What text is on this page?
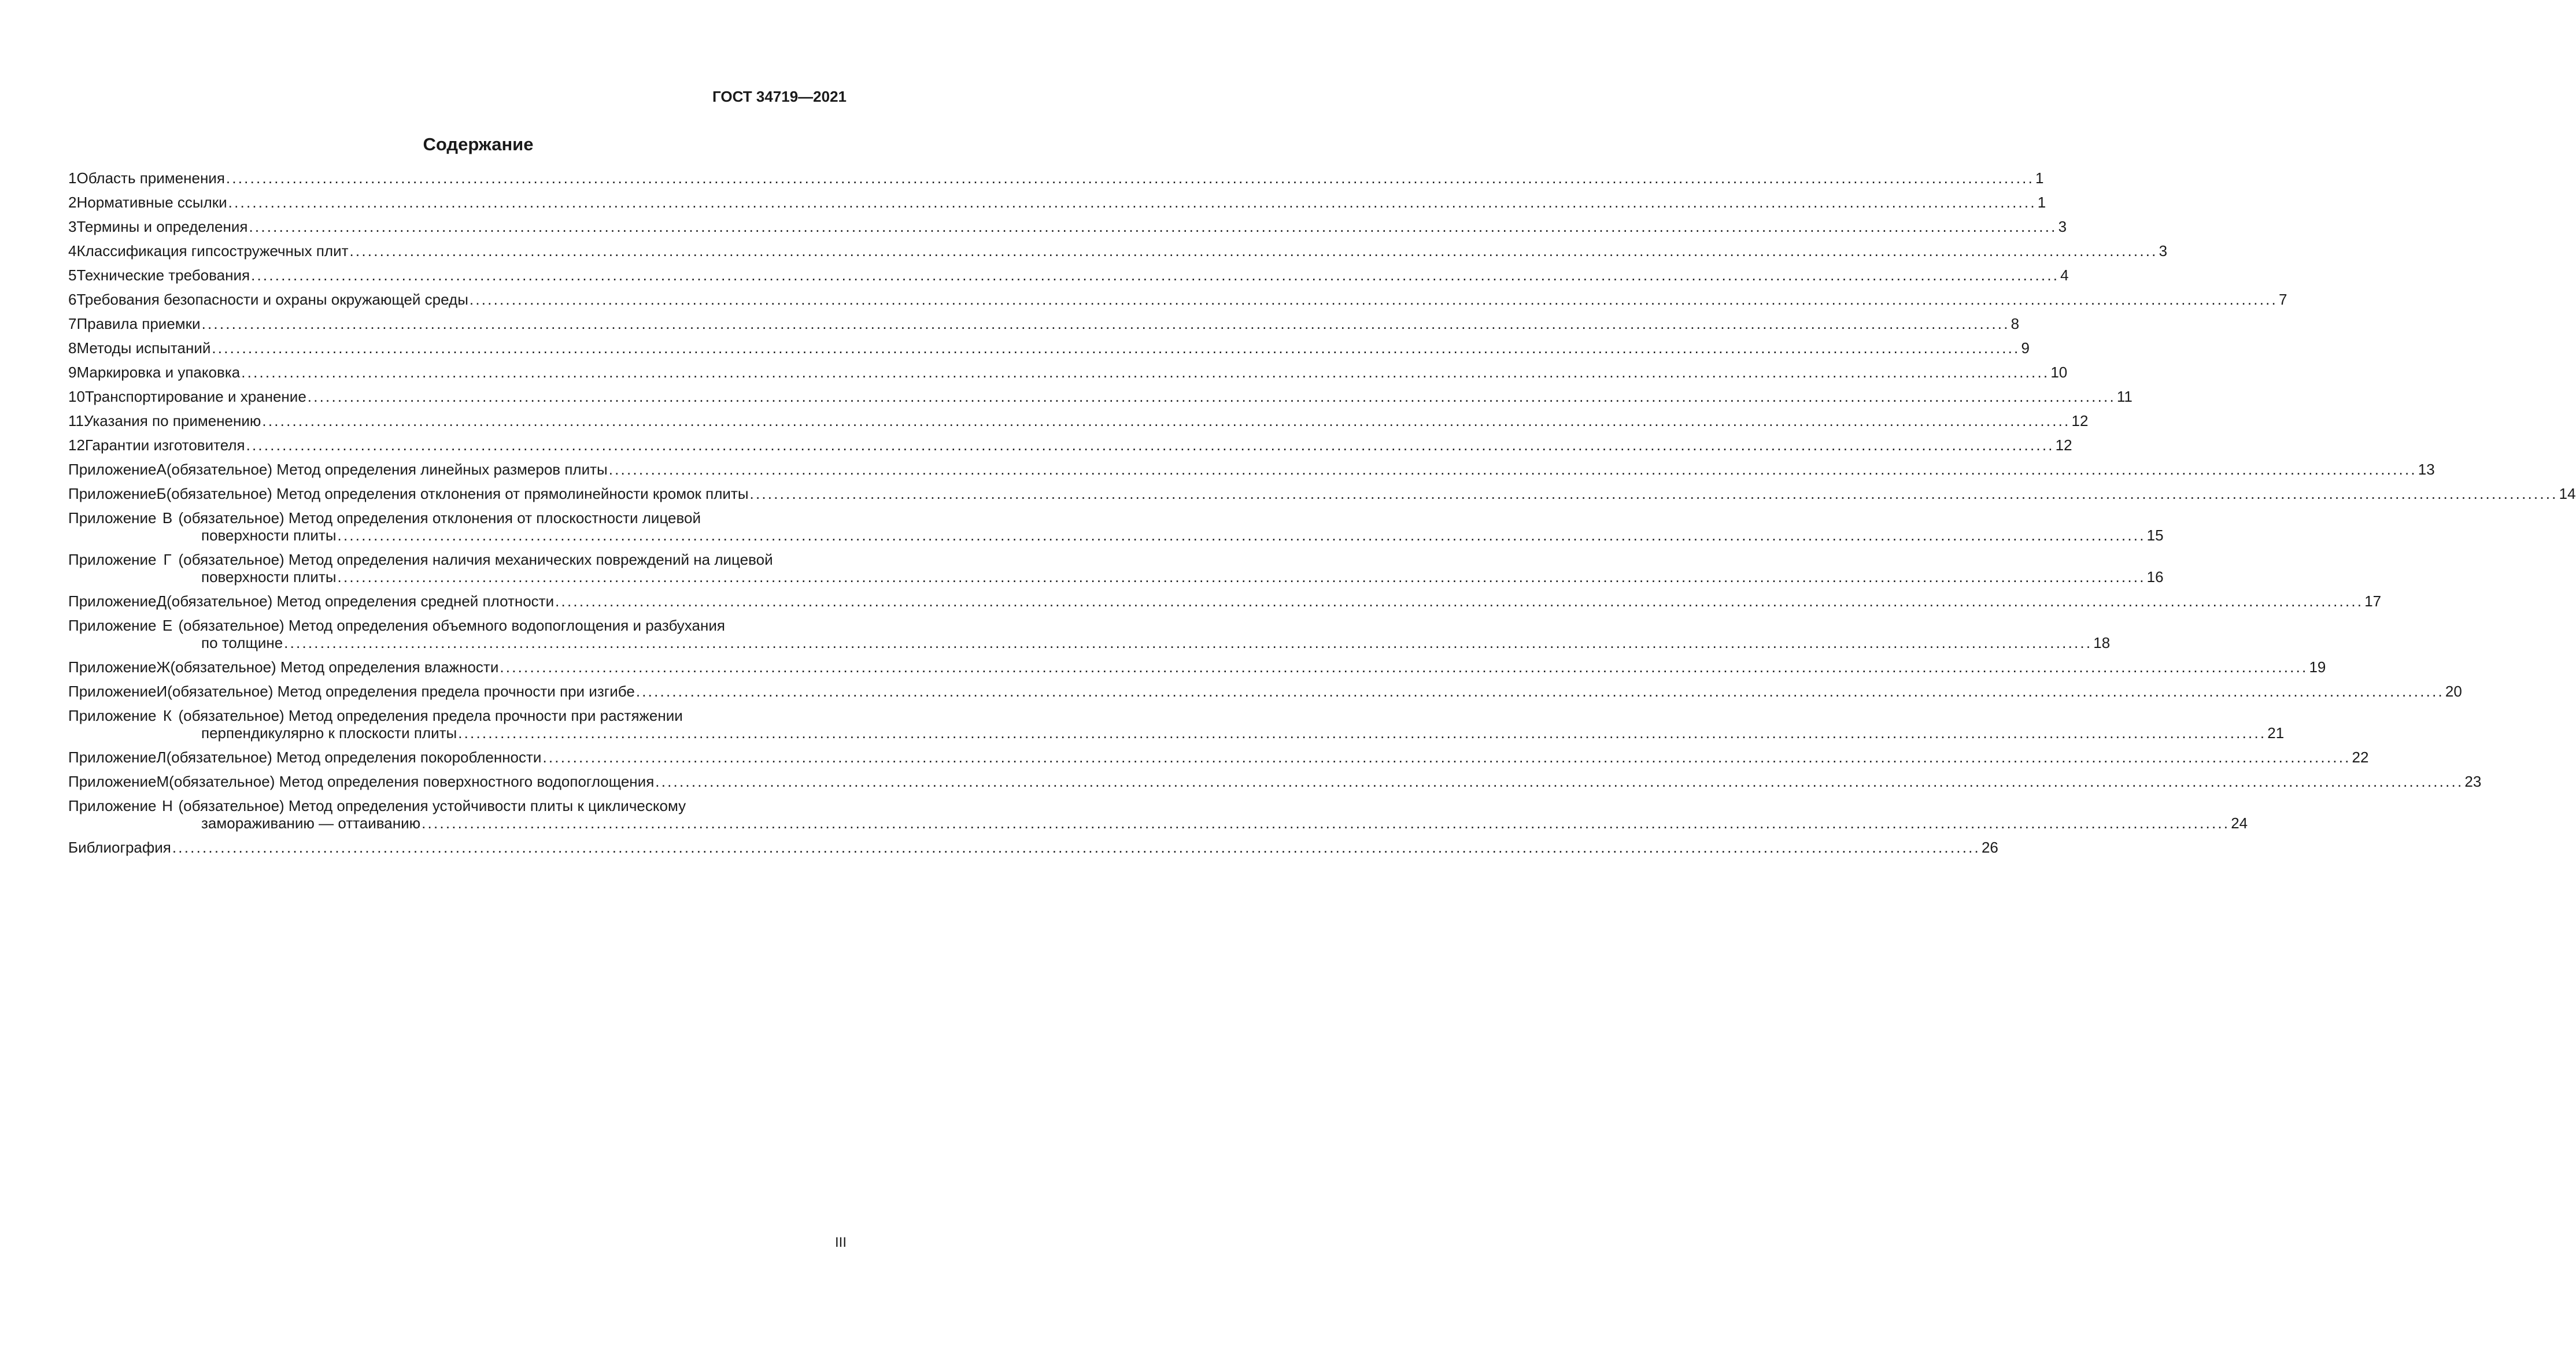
ГОСТ 34719—2021
Содержание
1 Область применения ............................................................................................................................................................................................................................................................................................................ 1
2 Нормативные ссылки ............................................................................................................................................................................................................................................................................................................ 1
3 Термины и определения ............................................................................................................................................................................................................................................................................................................ 3
4 Классификация гипсостружечных плит ............................................................................................................................................................................................................................................................................................................ 3
5 Технические требования ............................................................................................................................................................................................................................................................................................................ 4
6 Требования безопасности и охраны окружающей среды ............................................................................................................................................................................................................................................................................................................ 7
7 Правила приемки ............................................................................................................................................................................................................................................................................................................ 8
8 Методы испытаний ............................................................................................................................................................................................................................................................................................................ 9
9 Маркировка и упаковка ............................................................................................................................................................................................................................................................................................................ 10
10 Транспортирование и хранение ............................................................................................................................................................................................................................................................................................................ 11
11 Указания по применению ............................................................................................................................................................................................................................................................................................................ 12
12 Гарантии изготовителя ............................................................................................................................................................................................................................................................................................................ 12
Приложение А (обязательное) Метод определения линейных размеров плиты ............................................................................................................................................................................................................................................................................................................ 13
Приложение Б (обязательное) Метод определения отклонения от прямолинейности кромок плиты ............................................................................................................................................................................................................................................................................................................ 14
Приложение В (обязательное) Метод определения отклонения от плоскостности лицевой
поверхности плиты ............................................................................................................................................................................................................................................................................................................ 15
Приложение Г (обязательное) Метод определения наличия механических повреждений на лицевой
поверхности плиты ............................................................................................................................................................................................................................................................................................................ 16
Приложение Д (обязательное) Метод определения средней плотности ............................................................................................................................................................................................................................................................................................................ 17
Приложение Е (обязательное) Метод определения объемного водопоглощения и разбухания
по толщине ............................................................................................................................................................................................................................................................................................................ 18
Приложение Ж (обязательное) Метод определения влажности ............................................................................................................................................................................................................................................................................................................ 19
Приложение И (обязательное) Метод определения предела прочности при изгибе ............................................................................................................................................................................................................................................................................................................ 20
Приложение К (обязательное) Метод определения предела прочности при растяжении
перпендикулярно к плоскости плиты ............................................................................................................................................................................................................................................................................................................ 21
Приложение Л (обязательное) Метод определения покоробленности ............................................................................................................................................................................................................................................................................................................ 22
Приложение М (обязательное) Метод определения поверхностного водопоглощения ............................................................................................................................................................................................................................................................................................................ 23
Приложение Н (обязательное) Метод определения устойчивости плиты к циклическому
замораживанию — оттаиванию ............................................................................................................................................................................................................................................................................................................ 24
Библиография ............................................................................................................................................................................................................................................................................................................ 26
III
